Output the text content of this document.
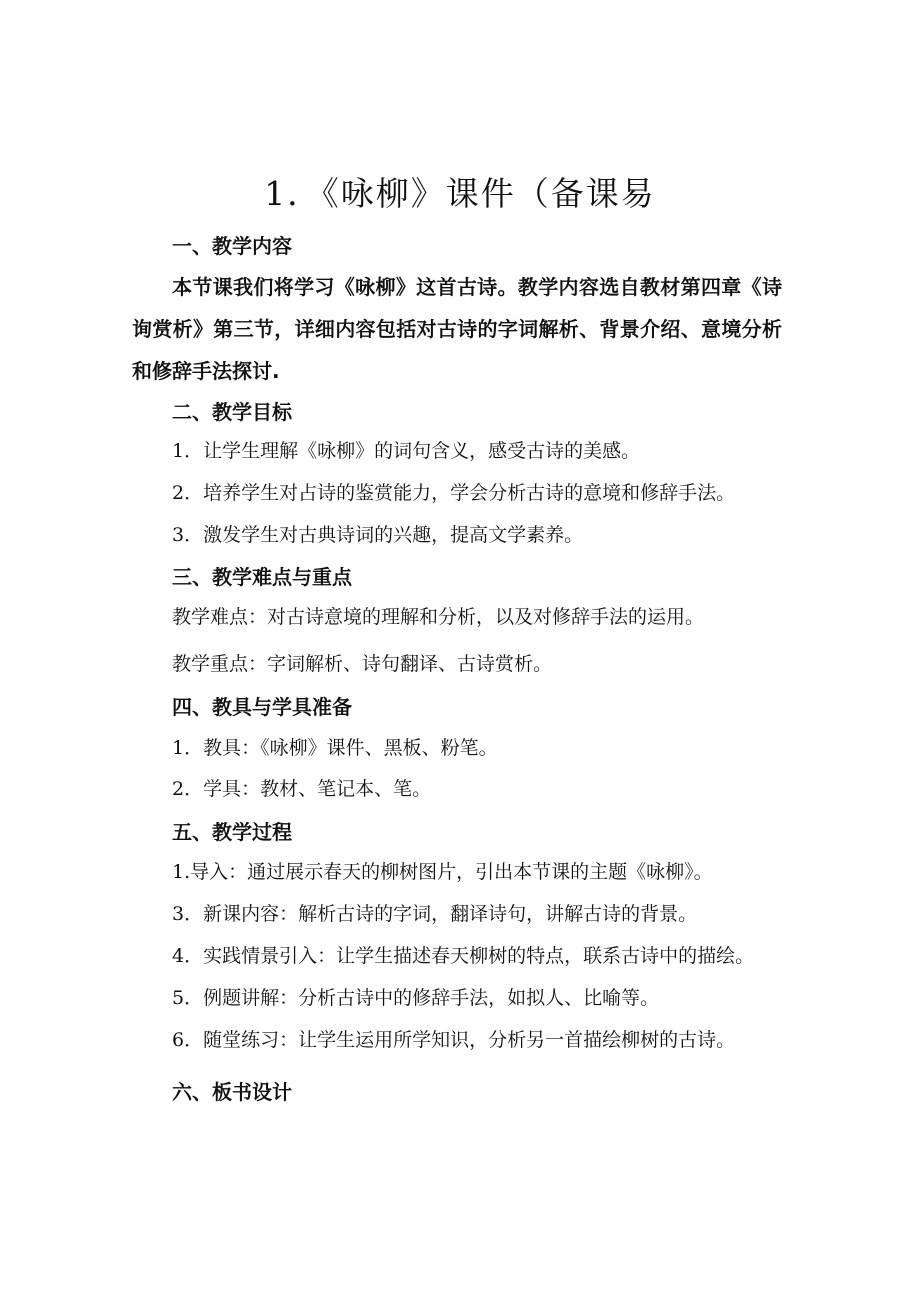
1．《咏柳》课件（备课易
一、教学内容

本节课我们将学习《咏柳》这首古诗。教学内容选自教材第四章《诗询赏析》第三节，详细内容包括对古诗的字词解析、背景介绍、意境分析和修辞手法探讨.

二、教学目标

1．让学生理解《咏柳》的词句含义，感受古诗的美感。

2．培养学生对占诗的鉴赏能力，学会分析古诗的意境和修辞手法。

3．激发学生对古典诗词的兴趣，提高文学素养。

三、教学难点与重点

教学难点：对古诗意境的理解和分析，以及对修辞手法的运用。

教学重点：字词解析、诗句翻译、古诗赏析。

四、教具与学具准备

1．教具：《咏柳》课件、黑板、粉笔。

2．学具：教材、笔记本、笔。

五、教学过程

1.导入：通过展示春天的柳树图片，引出本节课的主题《咏柳》。

3．新课内容：解析古诗的字词，翻译诗句，讲解古诗的背景。

4．实践情景引入：让学生描述春天柳树的特点，联系古诗中的描绘。

5．例题讲解：分析古诗中的修辞手法，如拟人、比喻等。

6．随堂练习：让学生运用所学知识，分析另一首描绘柳树的古诗。

六、板书设计
